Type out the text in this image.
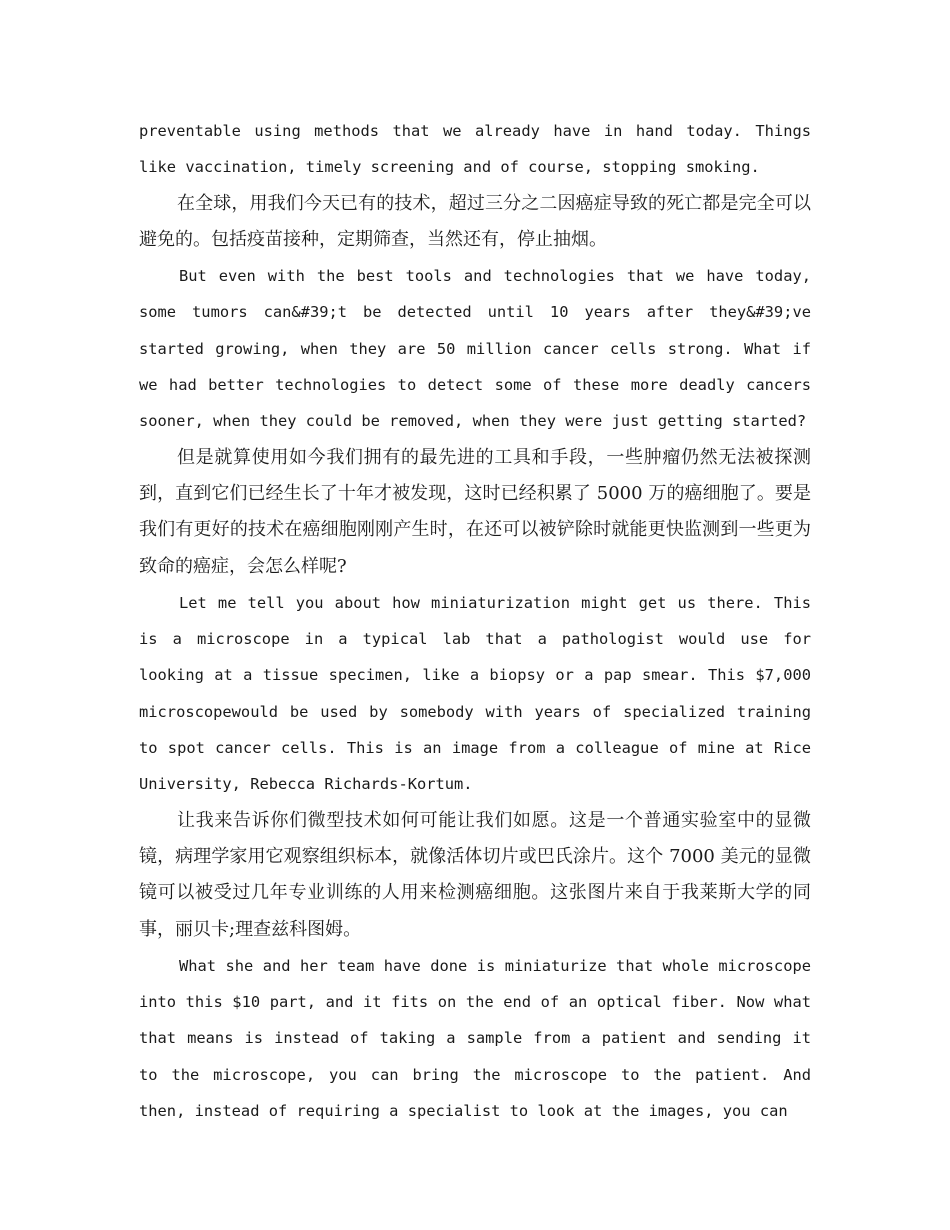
preventable using methods that we already have in hand today. Things like vaccination, timely screening and of course, stopping smoking.

在全球，用我们今天已有的技术，超过三分之二因癌症导致的死亡都是完全可以避免的。包括疫苗接种，定期筛查，当然还有，停止抽烟。

But even with the best tools and technologies that we have today, some tumors can&#39;t be detected until 10 years after they&#39;ve started growing, when they are 50 million cancer cells strong. What if we had better technologies to detect some of these more deadly cancers sooner, when they could be removed, when they were just getting started?

但是就算使用如今我们拥有的最先进的工具和手段，一些肿瘤仍然无法被探测到，直到它们已经生长了十年才被发现，这时已经积累了 5000 万的癌细胞了。要是我们有更好的技术在癌细胞刚刚产生时，在还可以被铲除时就能更快监测到一些更为致命的癌症，会怎么样呢?

Let me tell you about how miniaturization might get us there. This is a microscope in a typical lab that a pathologist would use for looking at a tissue specimen, like a biopsy or a pap smear. This $7,000 microscopewould be used by somebody with years of specialized training to spot cancer cells. This is an image from a colleague of mine at Rice University, Rebecca Richards-Kortum.

让我来告诉你们微型技术如何可能让我们如愿。这是一个普通实验室中的显微镜，病理学家用它观察组织标本，就像活体切片或巴氏涂片。这个 7000 美元的显微镜可以被受过几年专业训练的人用来检测癌细胞。这张图片来自于我莱斯大学的同事，丽贝卡;理查兹科图姆。

What she and her team have done is miniaturize that whole microscope into this $10 part, and it fits on the end of an optical fiber. Now what that means is instead of taking a sample from a patient and sending it to the microscope, you can bring the microscope to the patient. And then, instead of requiring a specialist to look at the images, you can
